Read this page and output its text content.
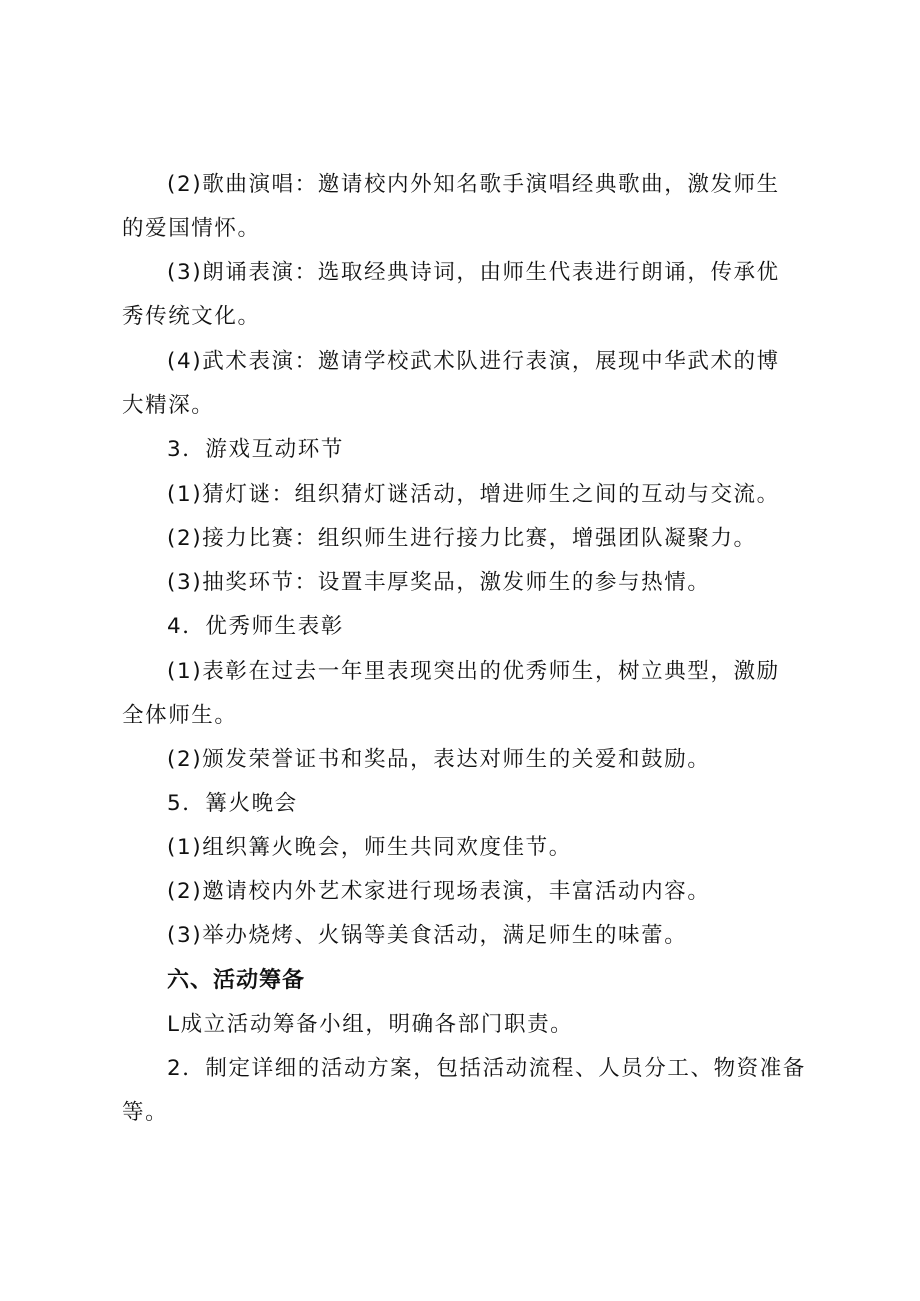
(2)歌曲演唱：邀请校内外知名歌手演唱经典歌曲，激发师生
的爱国情怀。
(3)朗诵表演：选取经典诗词，由师生代表进行朗诵，传承优
秀传统文化。
(4)武术表演：邀请学校武术队进行表演，展现中华武术的博
大精深。
3．游戏互动环节
(1)猜灯谜：组织猜灯谜活动，增进师生之间的互动与交流。
(2)接力比赛：组织师生进行接力比赛，增强团队凝聚力。
(3)抽奖环节：设置丰厚奖品，激发师生的参与热情。
4．优秀师生表彰
(1)表彰在过去一年里表现突出的优秀师生，树立典型，激励
全体师生。
(2)颁发荣誉证书和奖品，表达对师生的关爱和鼓励。
5．篝火晚会
(1)组织篝火晚会，师生共同欢度佳节。
(2)邀请校内外艺术家进行现场表演，丰富活动内容。
(3)举办烧烤、火锅等美食活动，满足师生的味蕾。
六、活动筹备
L成立活动筹备小组，明确各部门职责。
2．制定详细的活动方案，包括活动流程、人员分工、物资准备
等。
